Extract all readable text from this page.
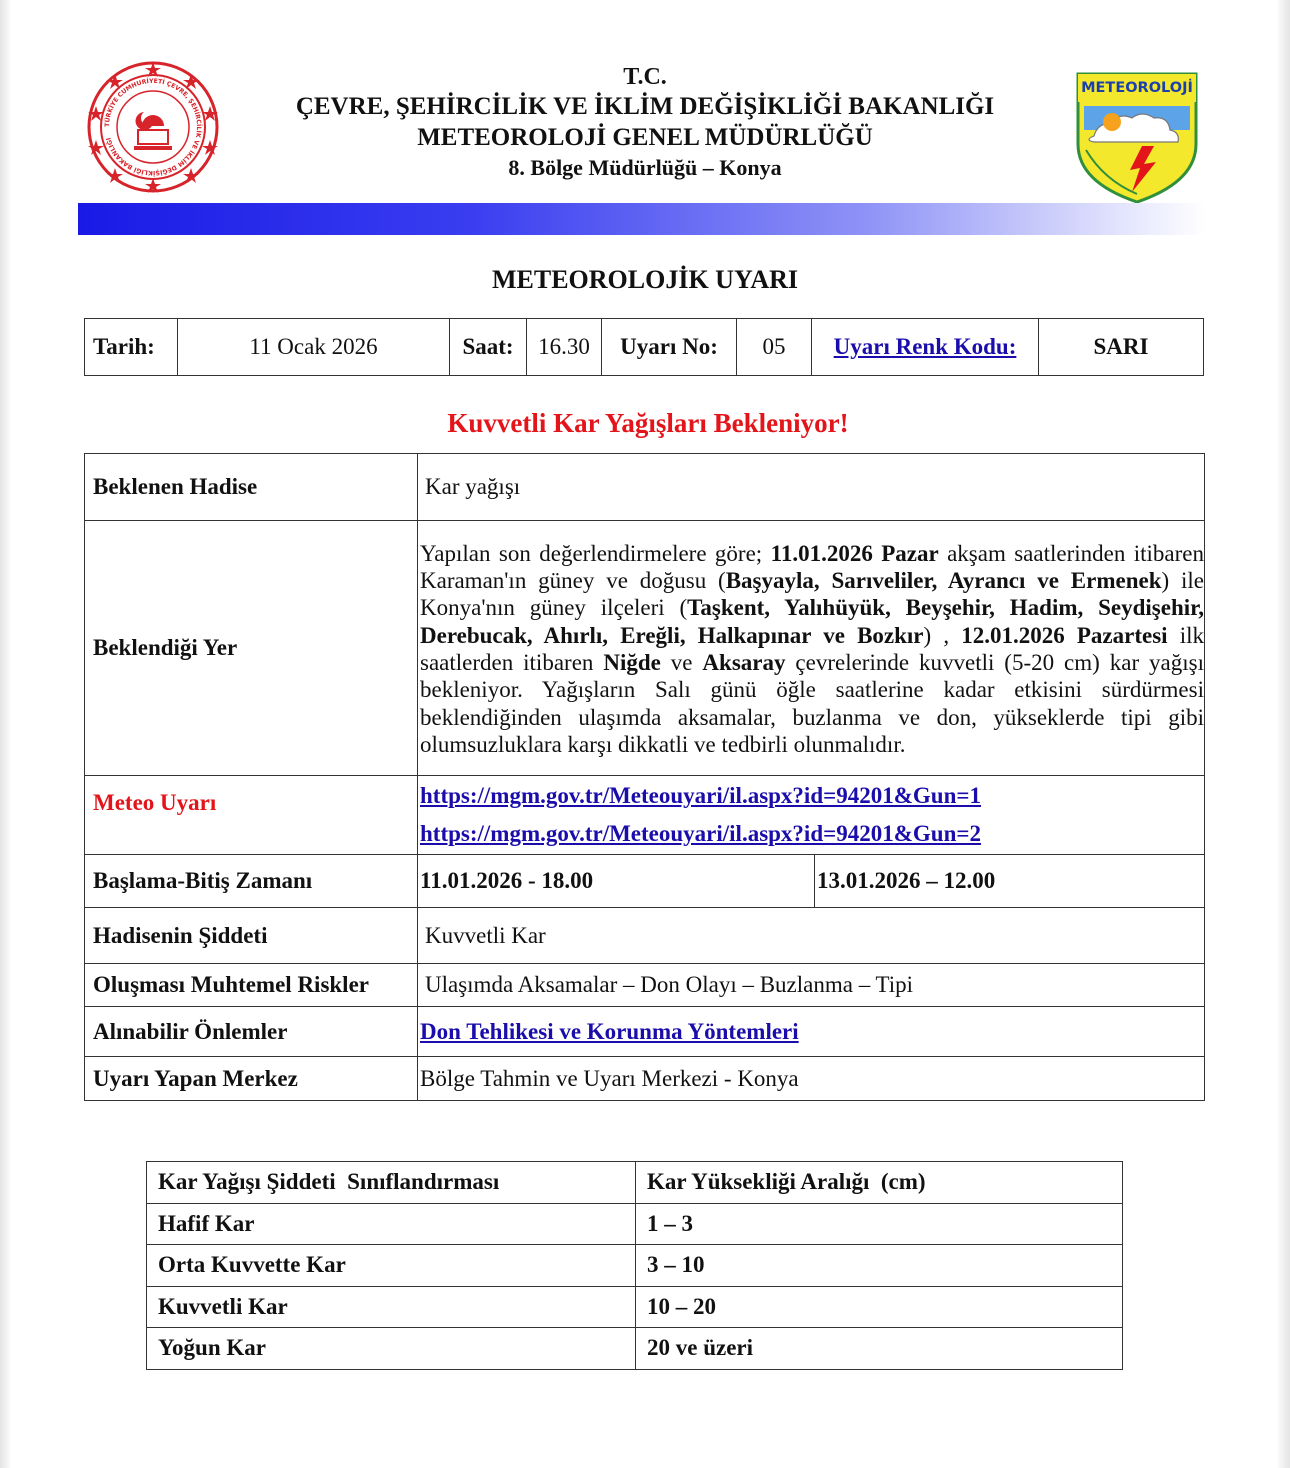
TÜRKİYE CUMHURİYETİ ÇEVRE, ŞEHİRCİLİK VE İKLİM DEĞİŞİKLİĞİ BAKANLIĞI
T.C.
ÇEVRE, ŞEHİRCİLİK VE İKLİM DEĞİŞİKLİĞİ BAKANLIĞI
METEOROLOJİ GENEL MÜDÜRLÜĞÜ
8. Bölge Müdürlüğü – Konya
METEOROLOJİ
METEOROLOJİK UYARI
Tarih:	11 Ocak 2026	Saat:	16.30	Uyarı No:	05	Uyarı Renk Kodu:	SARI
Kuvvetli Kar Yağışları Bekleniyor!
Beklenen Hadise	Kar yağışı
Beklendiği Yer	Yapılan son değerlendirmelere göre; 11.01.2026 Pazar akşam saatlerinden itibaren Karaman'ın güney ve doğusu (Başyayla, Sarıveliler, Ayrancı ve Ermenek) ile Konya'nın güney ilçeleri (Taşkent, Yalıhüyük, Beyşehir, Hadim, Seydişehir, Derebucak, Ahırlı, Ereğli, Halkapınar ve Bozkır) , 12.01.2026 Pazartesi ilk saatlerden itibaren Niğde ve Aksaray çevrelerinde kuvvetli (5-20 cm) kar yağışı bekleniyor. Yağışların Salı günü öğle saatlerine kadar etkisini sürdürmesi beklendiğinden ulaşımda aksamalar, buzlanma ve don, yükseklerde tipi gibi olumsuzluklara karşı dikkatli ve tedbirli olunmalıdır.
Meteo Uyarı	https://mgm.gov.tr/Meteouyari/il.aspx?id=94201&Gun=1
https://mgm.gov.tr/Meteouyari/il.aspx?id=94201&Gun=2

Başlama-Bitiş Zamanı		11.01.2026 - 18.00	13.01.2026 – 12.00

Hadisenin Şiddeti	Kuvvetli Kar
Oluşması Muhtemel Riskler	Ulaşımda Aksamalar – Don Olayı – Buzlanma – Tipi
Alınabilir Önlemler	Don Tehlikesi ve Korunma Yöntemleri
Uyarı Yapan Merkez	Bölge Tahmin ve Uyarı Merkezi - Konya
Kar Yağışı Şiddeti  Sınıflandırması	Kar Yüksekliği Aralığı  (cm)
Hafif Kar	1 – 3
Orta Kuvvette Kar	3 – 10
Kuvvetli Kar	10 – 20
Yoğun Kar	20 ve üzeri
